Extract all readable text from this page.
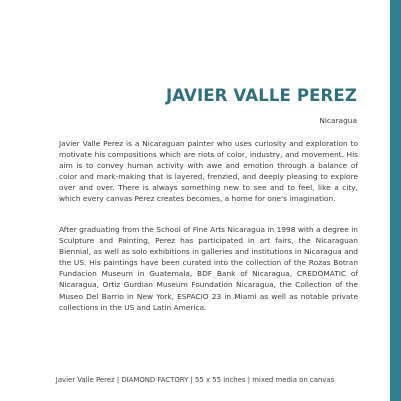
JAVIER VALLE PEREZ
Nicaragua

Javier Valle Perez is a Nicaraguan painter who uses curiosity and exploration to motivate his compositions which are riots of color, industry, and movement. His aim is to convey human activity with awe and emotion through a balance of color and mark-making that is layered, frenzied, and deeply pleasing to explore over and over. There is always something new to see and to feel, like a city, which every canvas Perez creates becomes, a home for one's imagination.

After graduating from the School of Fine Arts Nicaragua in 1998 with a degree in Sculpture and Painting, Perez has participated in art fairs, the Nicaraguan Biennial, as well as solo exhibitions in galleries and institutions in Nicaragua and the US. His paintings have been curated into the collection of the Rozas Botran Fundacion Museum in Guatemala, BDF Bank of Nicaragua, CREDOMATIC of Nicaragua, Ortiz Gurdian Museum Foundation Nicaragua, the Collection of the Museo Del Barrio in New York, ESPACIO 23 in Miami as well as notable private collections in the US and Latin America.

Javier Valle Perez | DIAMOND FACTORY | 55 x 55 inches | mixed media on canvas
